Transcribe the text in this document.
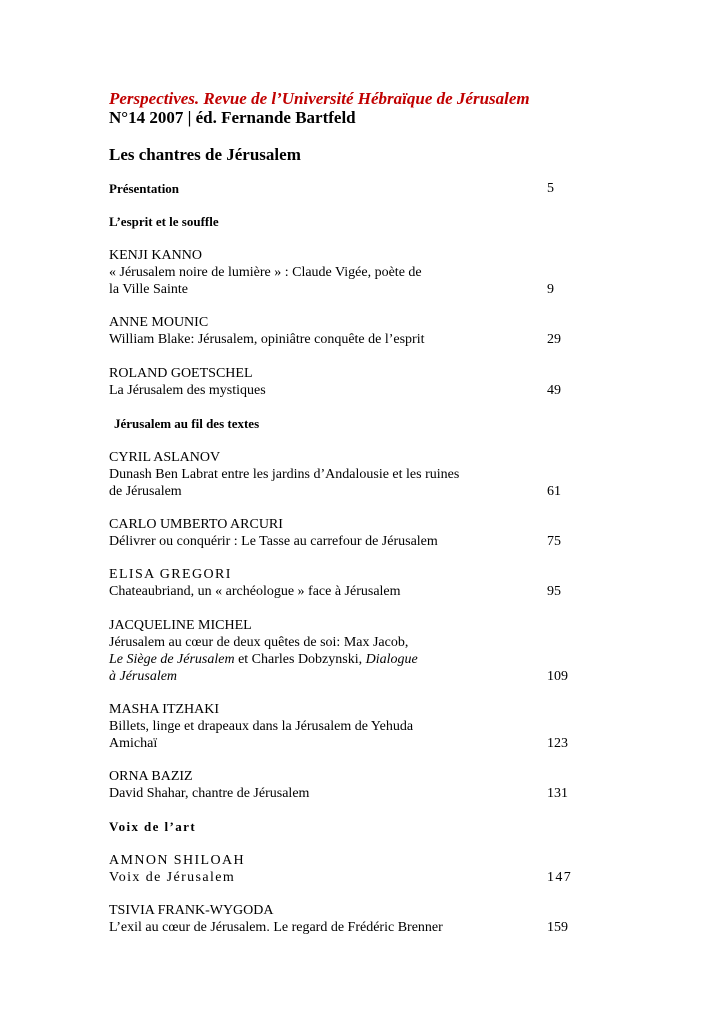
Perspectives. Revue de l’Université Hébraïque de Jérusalem
N°14 2007 | éd. Fernande Bartfeld
Les chantres de Jérusalem
Présentation	5
L’esprit et le souffle
KENJI KANNO
« Jérusalem noire de lumière » : Claude Vigée, poète de
la Ville Sainte	9
ANNE MOUNIC
William Blake: Jérusalem, opiniâtre conquête de l’esprit	29
ROLAND GOETSCHEL
La Jérusalem des mystiques	49
Jérusalem au fil des textes
CYRIL ASLANOV
Dunash Ben Labrat entre les jardins d’Andalousie et les ruines
de Jérusalem	61
CARLO UMBERTO ARCURI
Délivrer ou conquérir : Le Tasse au carrefour de Jérusalem	75
ELISA GREGORI
Chateaubriand, un « archéologue » face à Jérusalem	95
JACQUELINE MICHEL
Jérusalem au cœur de deux quêtes de soi: Max Jacob,
Le Siège de Jérusalem et Charles Dobzynski, Dialogue
à Jérusalem	109
MASHA ITZHAKI
Billets, linge et drapeaux dans la Jérusalem de Yehuda
Amichaï	123
ORNA BAZIZ
David Shahar, chantre de Jérusalem	131
Voix de l’art
AMNON SHILOAH
Voix de Jérusalem	147
TSIVIA FRANK-WYGODA
L’exil au cœur de Jérusalem. Le regard de Frédéric Brenner	159
